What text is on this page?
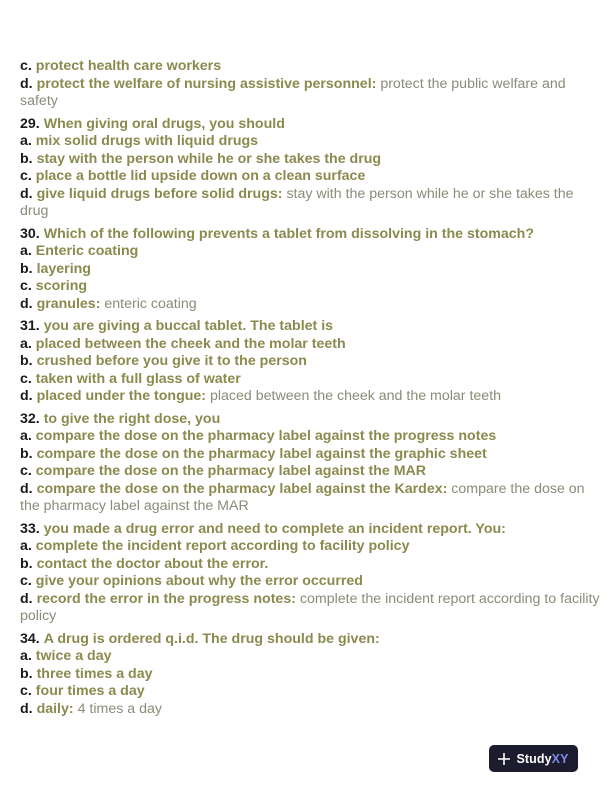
c. protect health care workers
d. protect the welfare of nursing assistive personnel: protect the public welfare and safety
29. When giving oral drugs, you should
a. mix solid drugs with liquid drugs
b. stay with the person while he or she takes the drug
c. place a bottle lid upside down on a clean surface
d. give liquid drugs before solid drugs: stay with the person while he or she takes the drug
30. Which of the following prevents a tablet from dissolving in the stomach?
a. Enteric coating
b. layering
c. scoring
d. granules: enteric coating
31. you are giving a buccal tablet. The tablet is
a. placed between the cheek and the molar teeth
b. crushed before you give it to the person
c. taken with a full glass of water
d. placed under the tongue: placed between the cheek and the molar teeth
32. to give the right dose, you
a. compare the dose on the pharmacy label against the progress notes
b. compare the dose on the pharmacy label against the graphic sheet
c. compare the dose on the pharmacy label against the MAR
d. compare the dose on the pharmacy label against the Kardex: compare the dose on the pharmacy label against the MAR
33. you made a drug error and need to complete an incident report. You:
a. complete the incident report according to facility policy
b. contact the doctor about the error.
c. give your opinions about why the error occurred
d. record the error in the progress notes: complete the incident report according to facility policy
34. A drug is ordered q.i.d. The drug should be given:
a. twice a day
b. three times a day
c. four times a day
d. daily: 4 times a day
StudyXY
